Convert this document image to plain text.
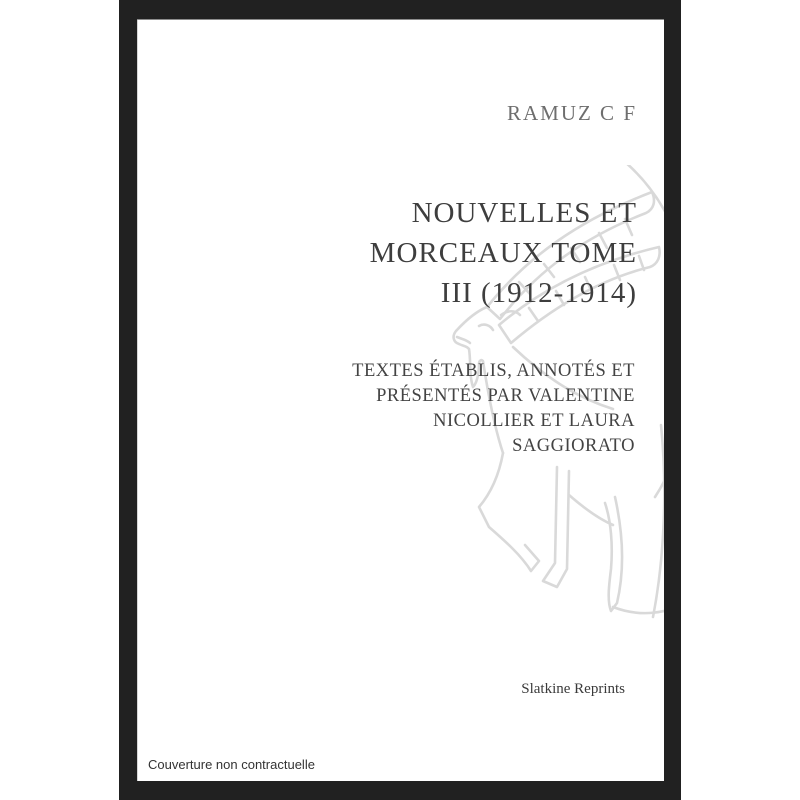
RAMUZ C F
NOUVELLES ET
MORCEAUX TOME
III (1912-1914)
TEXTES ÉTABLIS, ANNOTÉS ET
PRÉSENTÉS PAR VALENTINE
NICOLLIER ET LAURA
SAGGIORATO
Slatkine Reprints
Couverture non contractuelle
